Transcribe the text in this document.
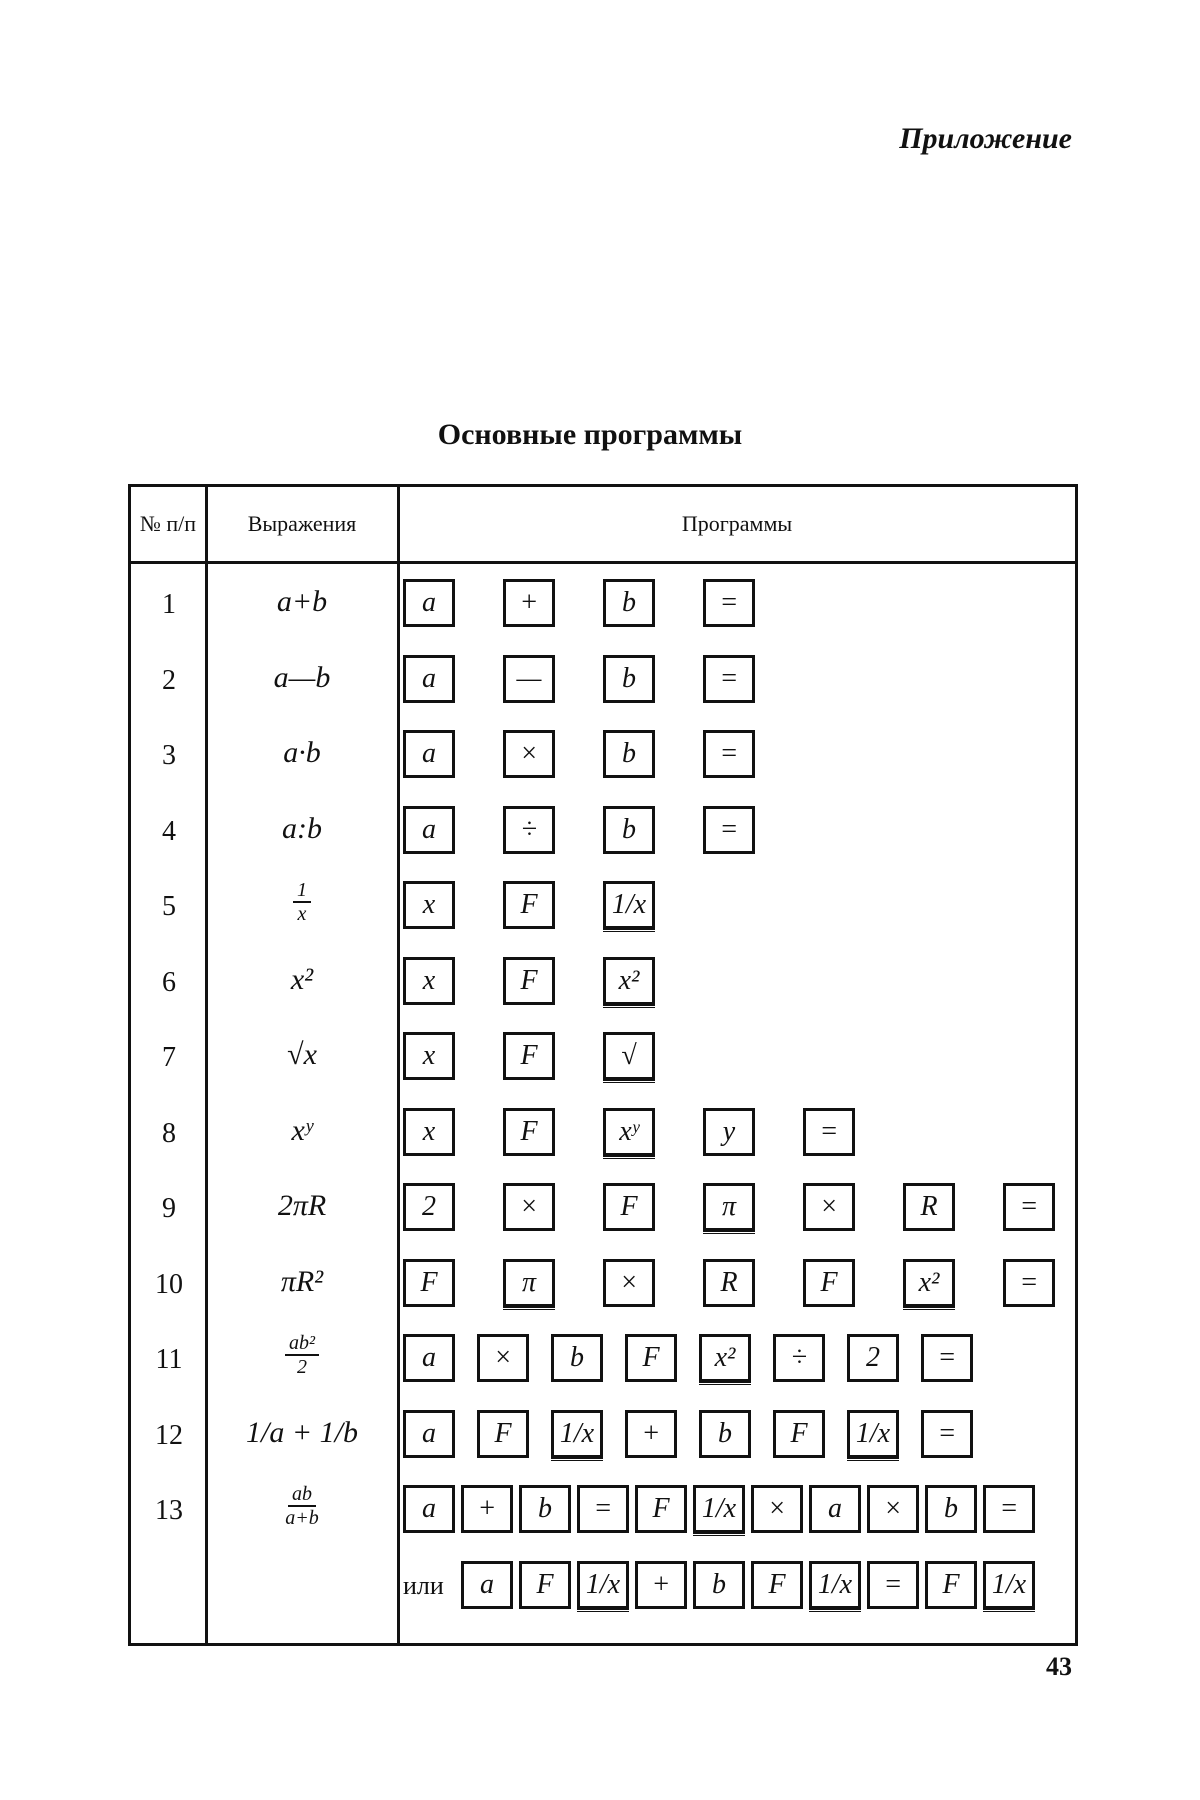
Приложение
Основные программы
№ п/п	Выражения	Программы
1	a+b	a	+	b	=
2	a—b	a	—	b	=
3	a·b	a	×	b	=
4	a:b	a	÷	b	=
5	$\frac{1}{x}$	x	F	1/x
6	x²	x	F	x²
7	√x	x	F	√
8	xʸ	x	F	xʸ	y	=
9	2πR	2	×	F	π	×	R	=
10	πR²	F	π	×	R	F	x²	=
11	$\frac{\text{ab²}}{2}$	a	×	b	F	x²	÷	2	=
12	1/a + 1/b	a	F	1/x	+	b	F	1/x	=
13	$\frac{ab}{a+b}$	a	+	b	=	F	1/x	×	a	×	b	=
или	a	F	1/x	+	b	F	1/x	=	F	1/x
43
